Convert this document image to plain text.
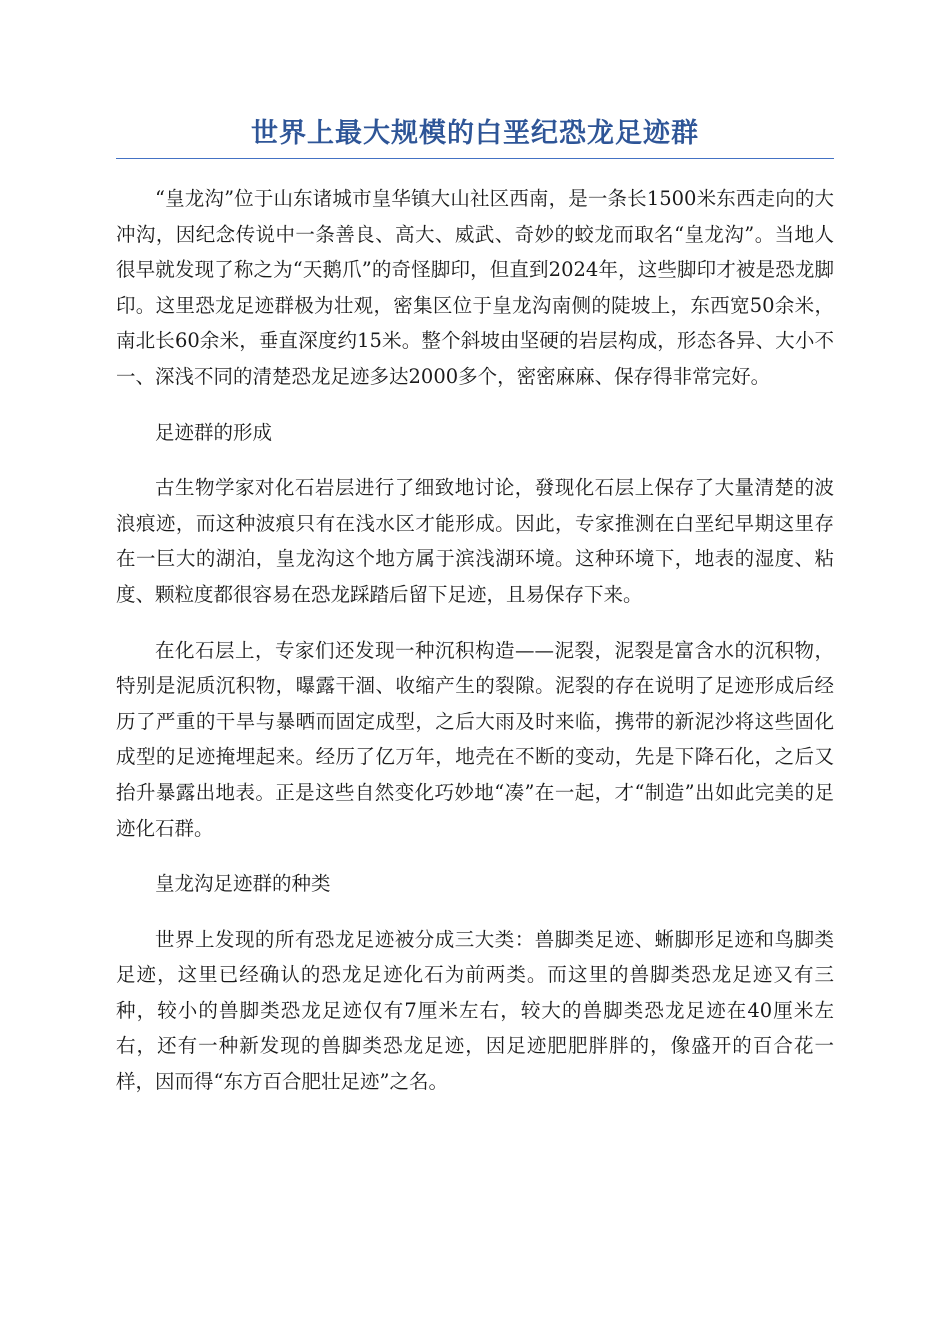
世界上最大规模的白垩纪恐龙足迹群

“皇龙沟”位于山东诸城市皇华镇大山社区西南，是一条长1500米东西走向的大冲沟，因纪念传说中一条善良、高大、威武、奇妙的蛟龙而取名“皇龙沟”。当地人很早就发现了称之为“天鹅爪”的奇怪脚印，但直到2024年，这些脚印才被是恐龙脚印。这里恐龙足迹群极为壮观，密集区位于皇龙沟南侧的陡坡上，东西宽50余米，南北长60余米，垂直深度约15米。整个斜坡由坚硬的岩层构成，形态各异、大小不一、深浅不同的清楚恐龙足迹多达2000多个，密密麻麻、保存得非常完好。

足迹群的形成

古生物学家对化石岩层进行了细致地讨论，發现化石层上保存了大量清楚的波浪痕迹，而这种波痕只有在浅水区才能形成。因此，专家推测在白垩纪早期这里存在一巨大的湖泊，皇龙沟这个地方属于滨浅湖环境。这种环境下，地表的湿度、粘度、颗粒度都很容易在恐龙踩踏后留下足迹，且易保存下来。

在化石层上，专家们还发现一种沉积构造——泥裂，泥裂是富含水的沉积物，特别是泥质沉积物，曝露干涸、收缩产生的裂隙。泥裂的存在说明了足迹形成后经历了严重的干旱与暴晒而固定成型，之后大雨及时来临，携带的新泥沙将这些固化成型的足迹掩埋起来。经历了亿万年，地壳在不断的变动，先是下降石化，之后又抬升暴露出地表。正是这些自然变化巧妙地“凑”在一起，才“制造”出如此完美的足迹化石群。

皇龙沟足迹群的种类

世界上发现的所有恐龙足迹被分成三大类：兽脚类足迹、蜥脚形足迹和鸟脚类足迹，这里已经确认的恐龙足迹化石为前两类。而这里的兽脚类恐龙足迹又有三种，较小的兽脚类恐龙足迹仅有7厘米左右，较大的兽脚类恐龙足迹在40厘米左右，还有一种新发现的兽脚类恐龙足迹，因足迹肥肥胖胖的，像盛开的百合花一样，因而得“东方百合肥壮足迹”之名。
